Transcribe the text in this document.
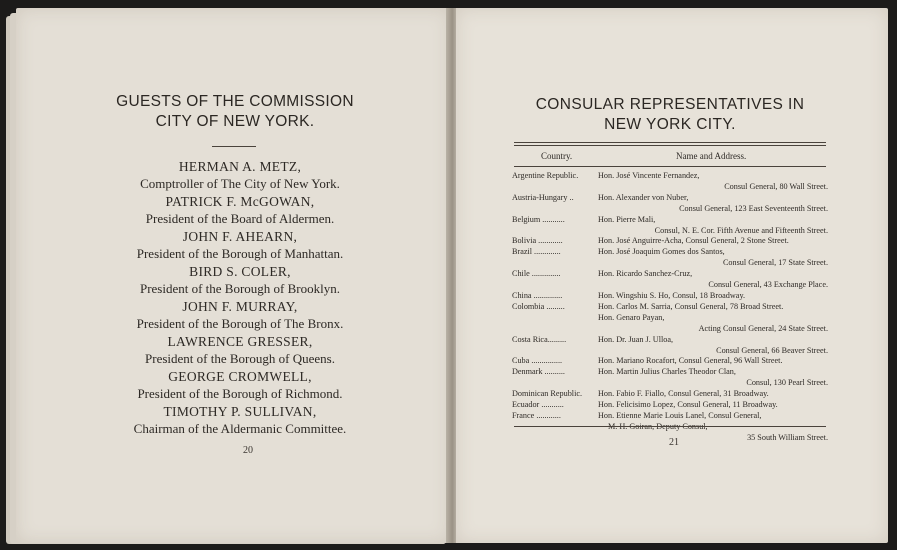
GUESTS OF THE COMMISSION
CITY OF NEW YORK.
HERMAN A. METZ,
Comptroller of The City of New York.
PATRICK F. McGOWAN,
President of the Board of Aldermen.
JOHN F. AHEARN,
President of the Borough of Manhattan.
BIRD S. COLER,
President of the Borough of Brooklyn.
JOHN F. MURRAY,
President of the Borough of The Bronx.
LAWRENCE GRESSER,
President of the Borough of Queens.
GEORGE CROMWELL,
President of the Borough of Richmond.
TIMOTHY P. SULLIVAN,
Chairman of the Aldermanic Committee.
20
CONSULAR REPRESENTATIVES IN
NEW YORK CITY.
Country.	Name and Address.
Argentine Republic.	Hon. José Vincente Fernandez,
Consul General, 80 Wall Street.

Austria-Hungary ..	Hon. Alexander von Nuber,
Consul General, 123 East Seventeenth Street.

Belgium ...........	Hon. Pierre Mali,
Consul, N. E. Cor. Fifth Avenue and Fifteenth Street.

Bolivia ............	Hon. José Anguirre-Acha, Consul General, 2 Stone Street.
Brazil .............	Hon. José Joaquim Gomes dos Santos,
Consul General, 17 State Street.

Chile ..............	Hon. Ricardo Sanchez-Cruz,
Consul General, 43 Exchange Place.

China ..............	Hon. Wingshiu S. Ho, Consul, 18 Broadway.
Colombia .........	Hon. Carlos M. Sarria, Consul General, 78 Broad Street.
Hon. Genaro Payan,
Acting Consul General, 24 State Street.

Costa Rica.........	Hon. Dr. Juan J. Ulloa,
Consul General, 66 Beaver Street.

Cuba ...............	Hon. Mariano Rocafort, Consul General, 96 Wall Street.
Denmark ..........	Hon. Martin Julius Charles Theodor Clan,
Consul, 130 Pearl Street.

Dominican Republic.	Hon. Fabio F. Fiallo, Consul General, 31 Broadway.
Ecuador ...........	Hon. Felicisimo Lopez, Consul General, 11 Broadway.
France ............	Hon. Etienne Marie Louis Lanel, Consul General,
M. H. Goiran, Deputy Consul,
35 South William Street.
21
